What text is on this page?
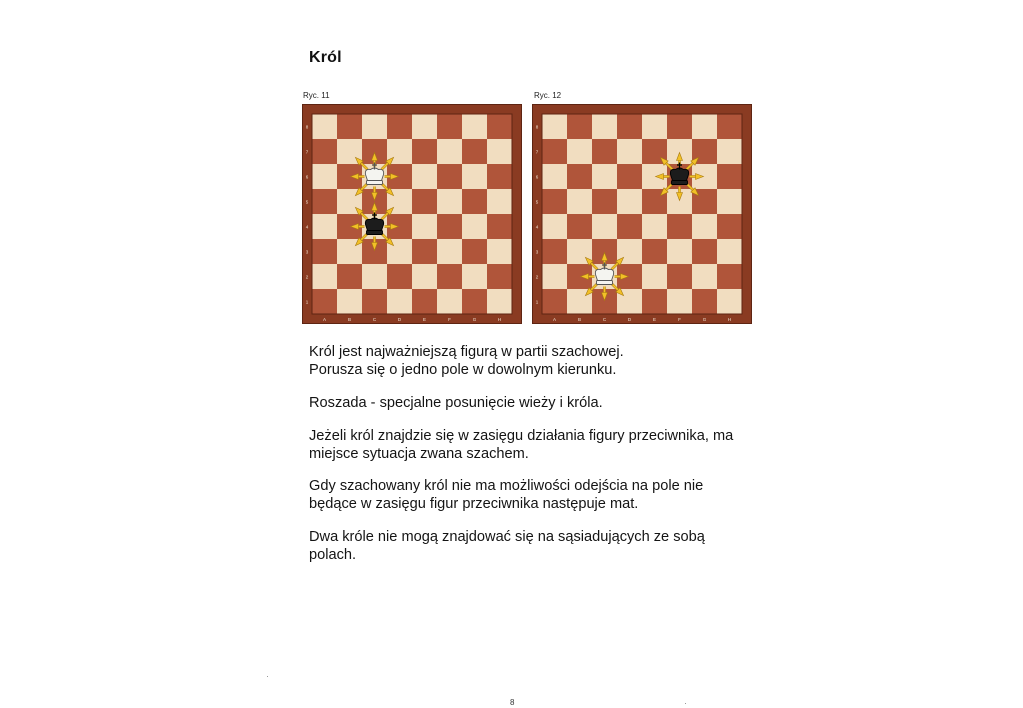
Król
Ryc. 11	Ryc. 12
8
7
6
5
4
3
2
1
A	B	C	D	E	F	G	H
8
7
6
5
4
3
2
1
A	B	C	D	E	F	G	H
Król jest najważniejszą figurą w partii szachowej.
Porusza się o jedno pole w dowolnym kierunku.
Roszada - specjalne posunięcie wieży i króla.
Jeżeli król znajdzie się w zasięgu działania figury przeciwnika, ma
miejsce sytuacja zwana szachem.
Gdy szachowany król nie ma możliwości odejścia na pole nie
będące w zasięgu figur przeciwnika następuje mat.
Dwa króle nie mogą znajdować się na sąsiadujących ze sobą
polach.
8
